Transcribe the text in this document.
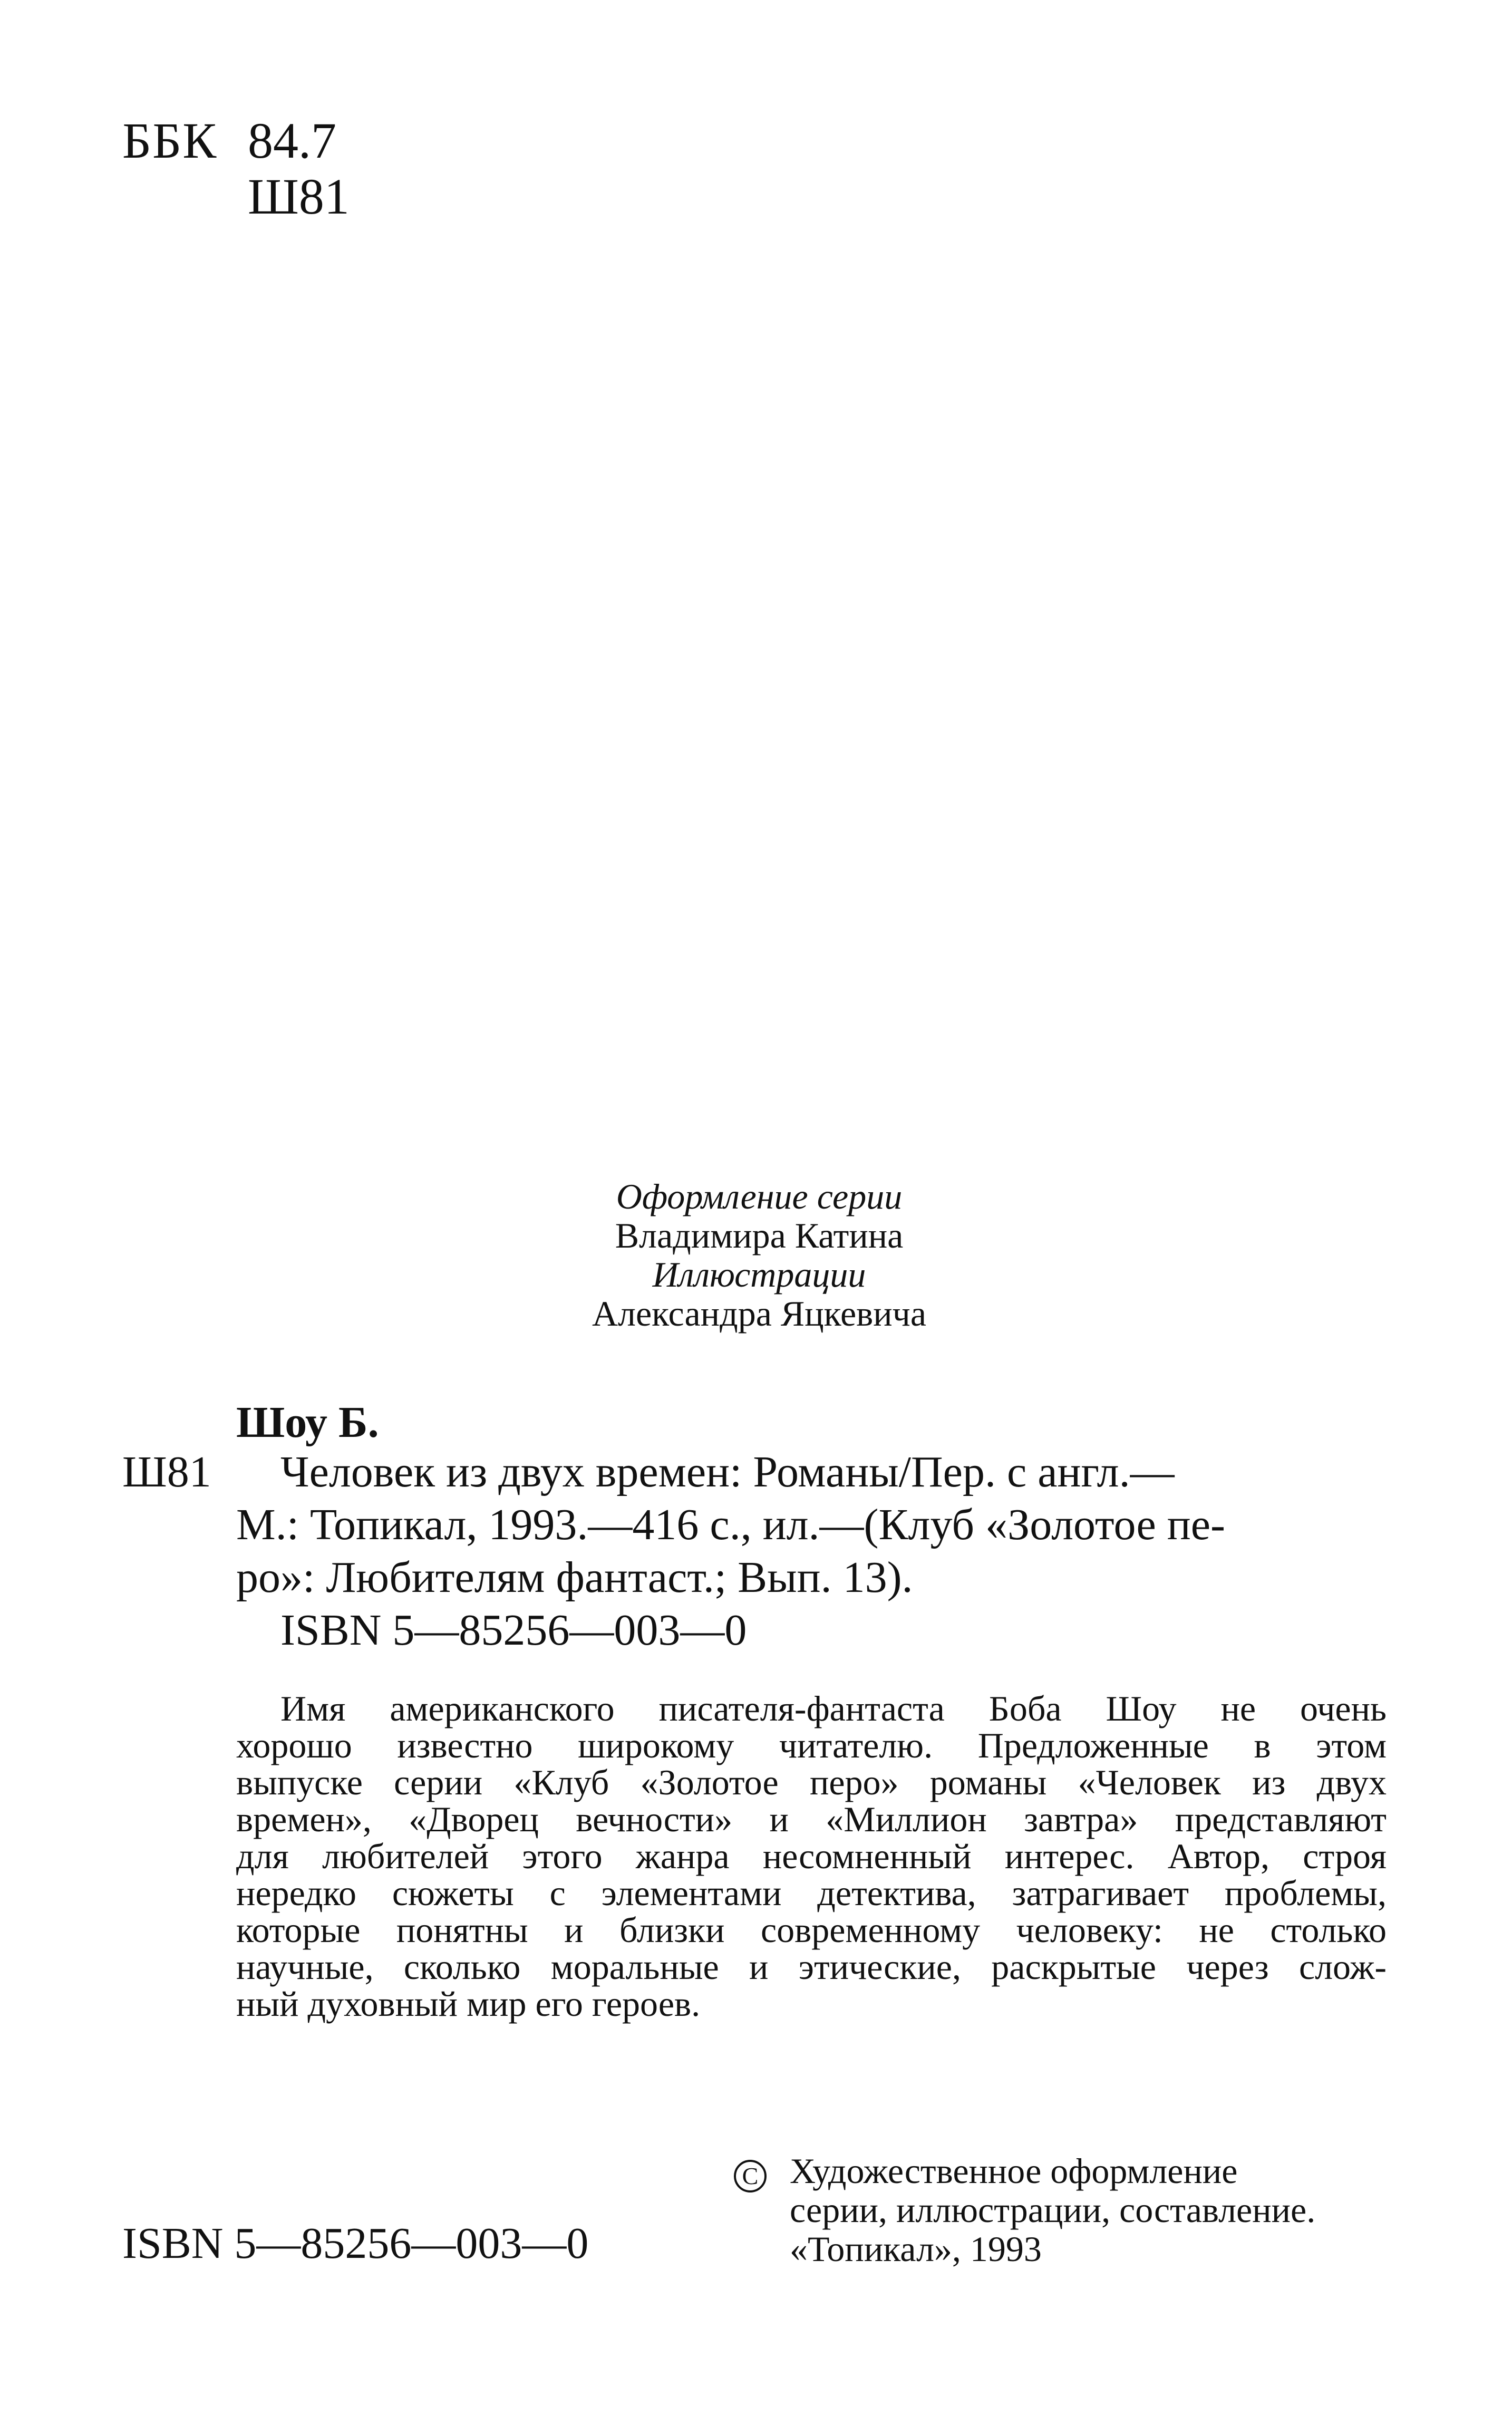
ББК 84.7
Ш81
Оформление серии
Владимира Катина
Иллюстрации
Александра Яцкевича
Шоу Б.
Ш81	Человек из двух времен: Романы/Пер. с англ.—
М.: Топикал, 1993.—416 с., ил.—(Клуб «Золотое пе-
ро»: Любителям фантаст.; Вып. 13).
ISBN 5—85256—003—0
Имя американского писателя-фантаста Боба Шоу не очень
хорошо известно широкому читателю. Предложенные в этом
выпуске серии «Клуб «Золотое перо» романы «Человек из двух
времен», «Дворец вечности» и «Миллион завтра» представляют
для любителей этого жанра несомненный интерес. Автор, строя
нередко сюжеты с элементами детектива, затрагивает проблемы,
которые понятны и близки современному человеку: не столько
научные, сколько моральные и этические, раскрытые через слож-
ный духовный мир его героев.
ISBN 5—85256—003—0
C Художественное оформление
серии, иллюстрации, составление.
«Топикал», 1993
